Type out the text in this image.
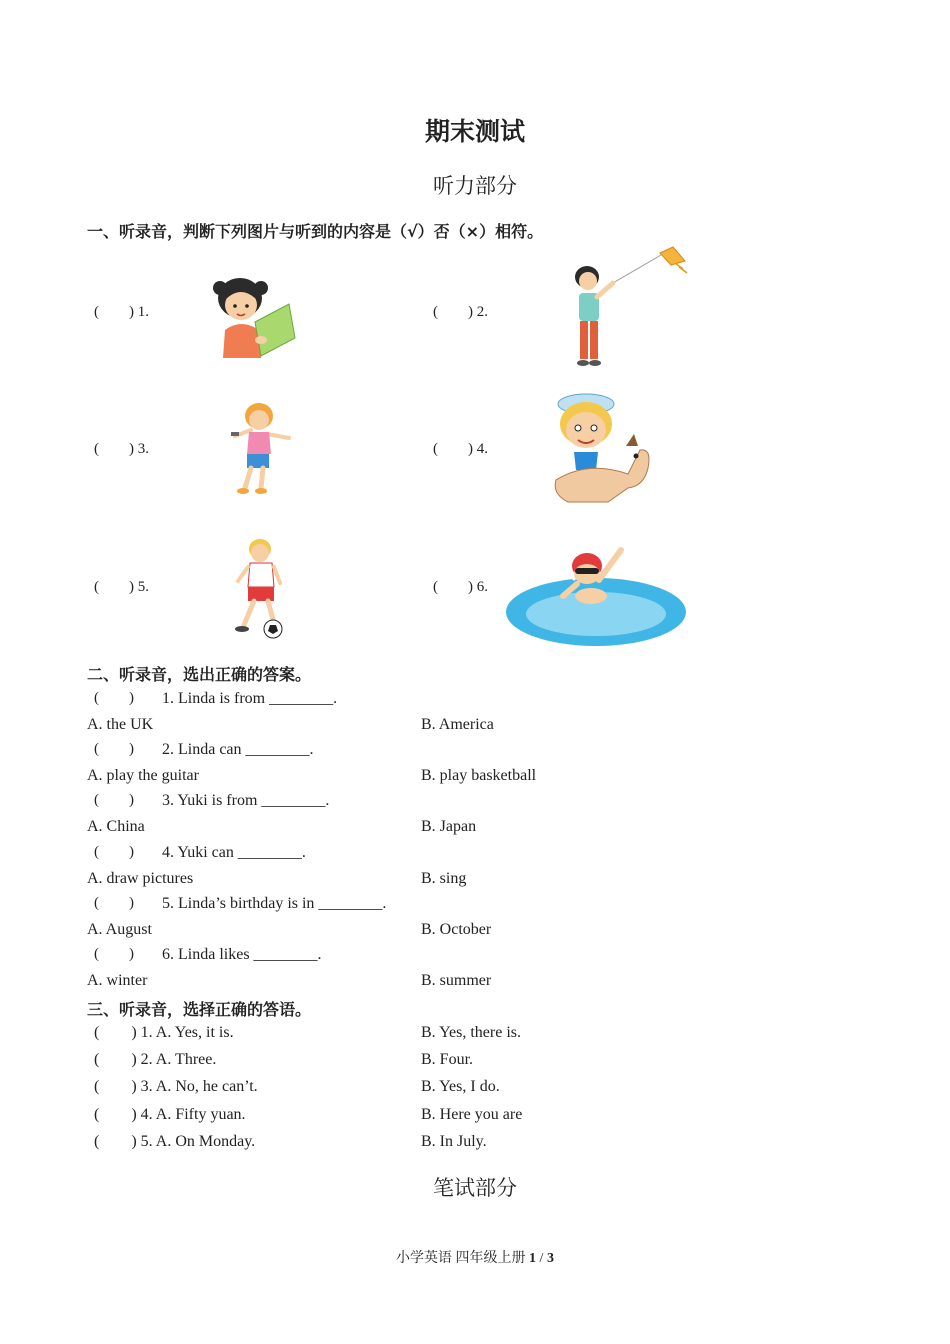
期末测试
听力部分
一、听录音，判断下列图片与听到的内容是（√）否（×）相符。
(        ) 1.	(        ) 2.
(        ) 3.	(        ) 4.
(        ) 5.	(        ) 6.
二、听录音，选出正确的答案。
(        ) 1. Linda is from ________.
A. the UK	B. America
(        ) 2. Linda can ________.
A. play the guitar	B. play basketball
(        ) 3. Yuki is from ________.
A. China	B. Japan
(        ) 4. Yuki can ________.
A. draw pictures	B. sing
(        ) 5. Linda’s birthday is in ________.
A. August	B. October
(        ) 6. Linda likes ________.
A. winter	B. summer
三、听录音，选择正确的答语。
(        ) 1. A. Yes, it is.	B. Yes, there is.
(        ) 2. A. Three.	B. Four.
(        ) 3. A. No, he can’t.	B. Yes, I do.
(        ) 4. A. Fifty yuan.	B. Here you are
(        ) 5. A. On Monday.	B. In July.
笔试部分
小学英语 四年级上册 1 / 3
